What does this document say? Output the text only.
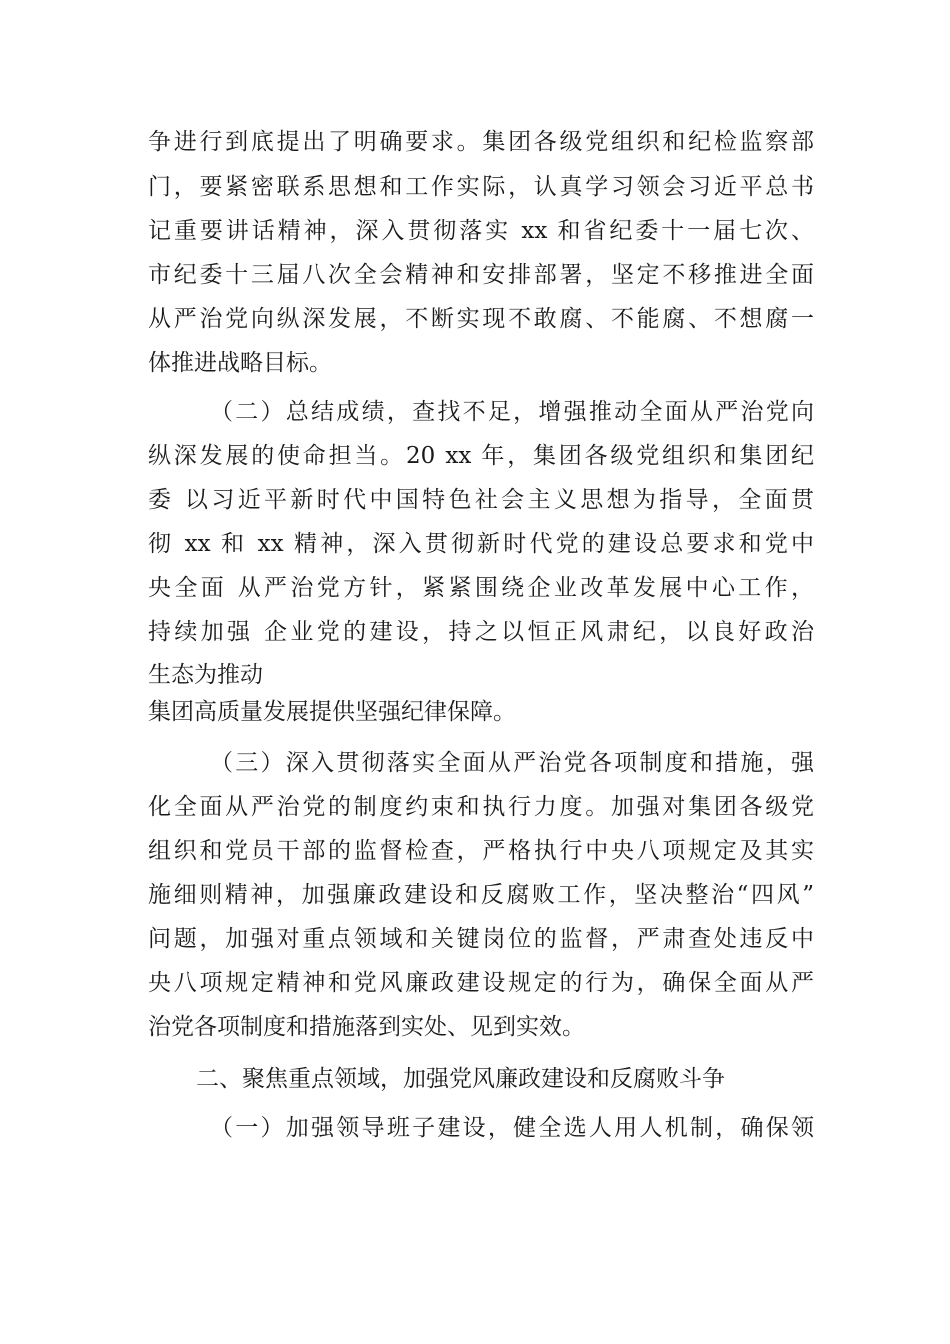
争进行到底提出了明确要求。集团各级党组织和纪检监察部
门，要紧密联系思想和工作实际，认真学习领会习近平总书
记重要讲话精神，深入贯彻落实 xx 和省纪委十一届七次、
市纪委十三届八次全会精神和安排部署，坚定不移推进全面
从严治党向纵深发展，不断实现不敢腐、不能腐、不想腐一
体推进战略目标。
（二）总结成绩，查找不足，增强推动全面从严治党向
纵深发展的使命担当。20 xx 年，集团各级党组织和集团纪
委 以习近平新时代中国特色社会主义思想为指导，全面贯
彻 xx 和 xx 精神，深入贯彻新时代党的建设总要求和党中
央全面 从严治党方针，紧紧围绕企业改革发展中心工作，
持续加强 企业党的建设，持之以恒正风肃纪，以良好政治
生态为推动
集团高质量发展提供坚强纪律保障。
（三）深入贯彻落实全面从严治党各项制度和措施，强
化全面从严治党的制度约束和执行力度。加强对集团各级党
组织和党员干部的监督检查，严格执行中央八项规定及其实
施细则精神，加强廉政建设和反腐败工作，坚决整治“四风”
问题，加强对重点领域和关键岗位的监督，严肃查处违反中
央八项规定精神和党风廉政建设规定的行为，确保全面从严
治党各项制度和措施落到实处、见到实效。
二、聚焦重点领域，加强党风廉政建设和反腐败斗争
（一）加强领导班子建设，健全选人用人机制，确保领
